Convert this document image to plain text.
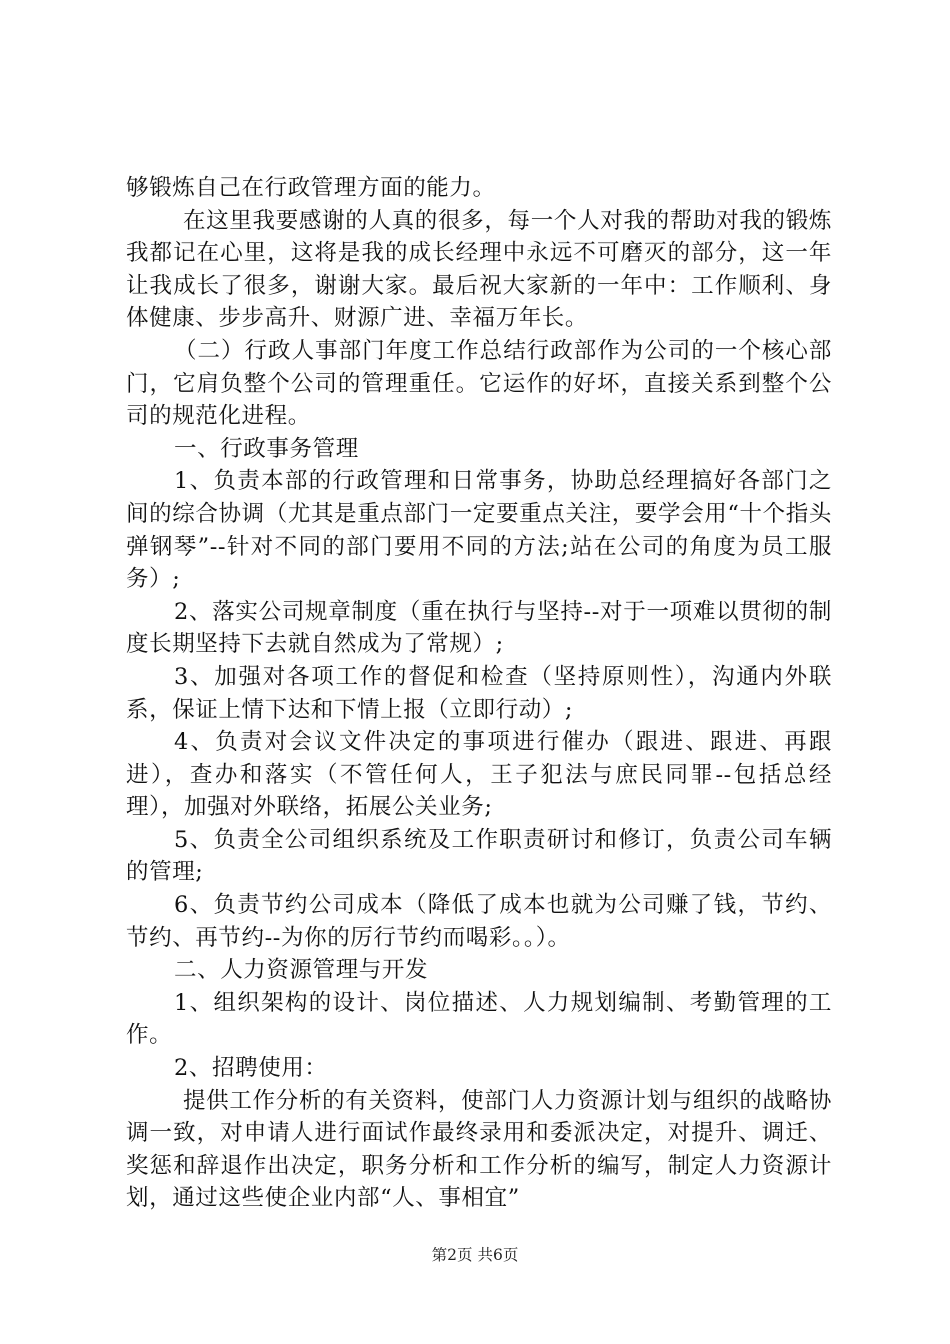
够锻炼自己在行政管理方面的能力。

在这里我要感谢的人真的很多，每一个人对我的帮助对我的锻炼我都记在心里，这将是我的成长经理中永远不可磨灭的部分，这一年让我成长了很多，谢谢大家。最后祝大家新的一年中：工作顺利、身体健康、步步高升、财源广进、幸福万年长。

（二）行政人事部门年度工作总结行政部作为公司的一个核心部门，它肩负整个公司的管理重任。它运作的好坏，直接关系到整个公司的规范化进程。

一、行政事务管理

1、负责本部的行政管理和日常事务，协助总经理搞好各部门之间的综合协调（尤其是重点部门一定要重点关注，要学会用“十个指头弹钢琴”--针对不同的部门要用不同的方法;站在公司的角度为员工服务）;

2、落实公司规章制度（重在执行与坚持--对于一项难以贯彻的制度长期坚持下去就自然成为了常规）;

3、加强对各项工作的督促和检查（坚持原则性），沟通内外联系，保证上情下达和下情上报（立即行动）;

4、负责对会议文件决定的事项进行催办（跟进、跟进、再跟进），查办和落实（不管任何人，王子犯法与庶民同罪--包括总经理），加强对外联络，拓展公关业务;

5、负责全公司组织系统及工作职责研讨和修订，负责公司车辆的管理;

6、负责节约公司成本（降低了成本也就为公司赚了钱，节约、节约、再节约--为你的厉行节约而喝彩。。）。

二、人力资源管理与开发

1、组织架构的设计、岗位描述、人力规划编制、考勤管理的工作。

2、招聘使用：

提供工作分析的有关资料，使部门人力资源计划与组织的战略协调一致，对申请人进行面试作最终录用和委派决定，对提升、调迁、奖惩和辞退作出决定，职务分析和工作分析的编写，制定人力资源计划，通过这些使企业内部“人、事相宜”

第2页 共6页
